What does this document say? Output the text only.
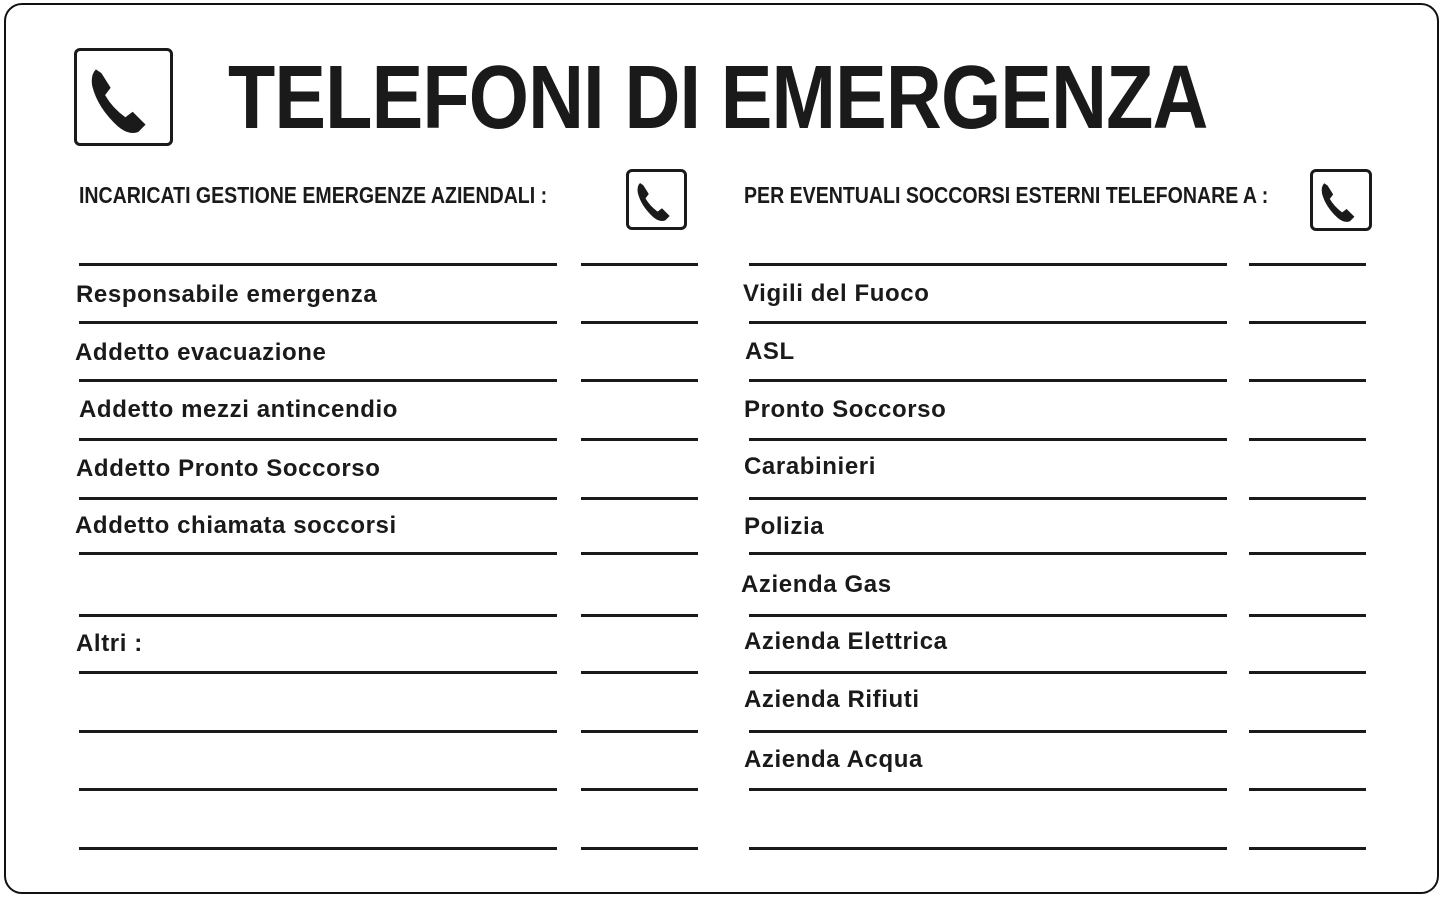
TELEFONI DI EMERGENZA
INCARICATI GESTIONE EMERGENZE AZIENDALI :	PER EVENTUALI SOCCORSI ESTERNI TELEFONARE A :
Responsabile emergenza
Addetto evacuazione
Addetto mezzi antincendio
Addetto Pronto Soccorso
Addetto chiamata soccorsi
Altri :
Vigili del Fuoco
ASL
Pronto Soccorso
Carabinieri
Polizia
Azienda Gas
Azienda Elettrica
Azienda Rifiuti
Azienda Acqua
